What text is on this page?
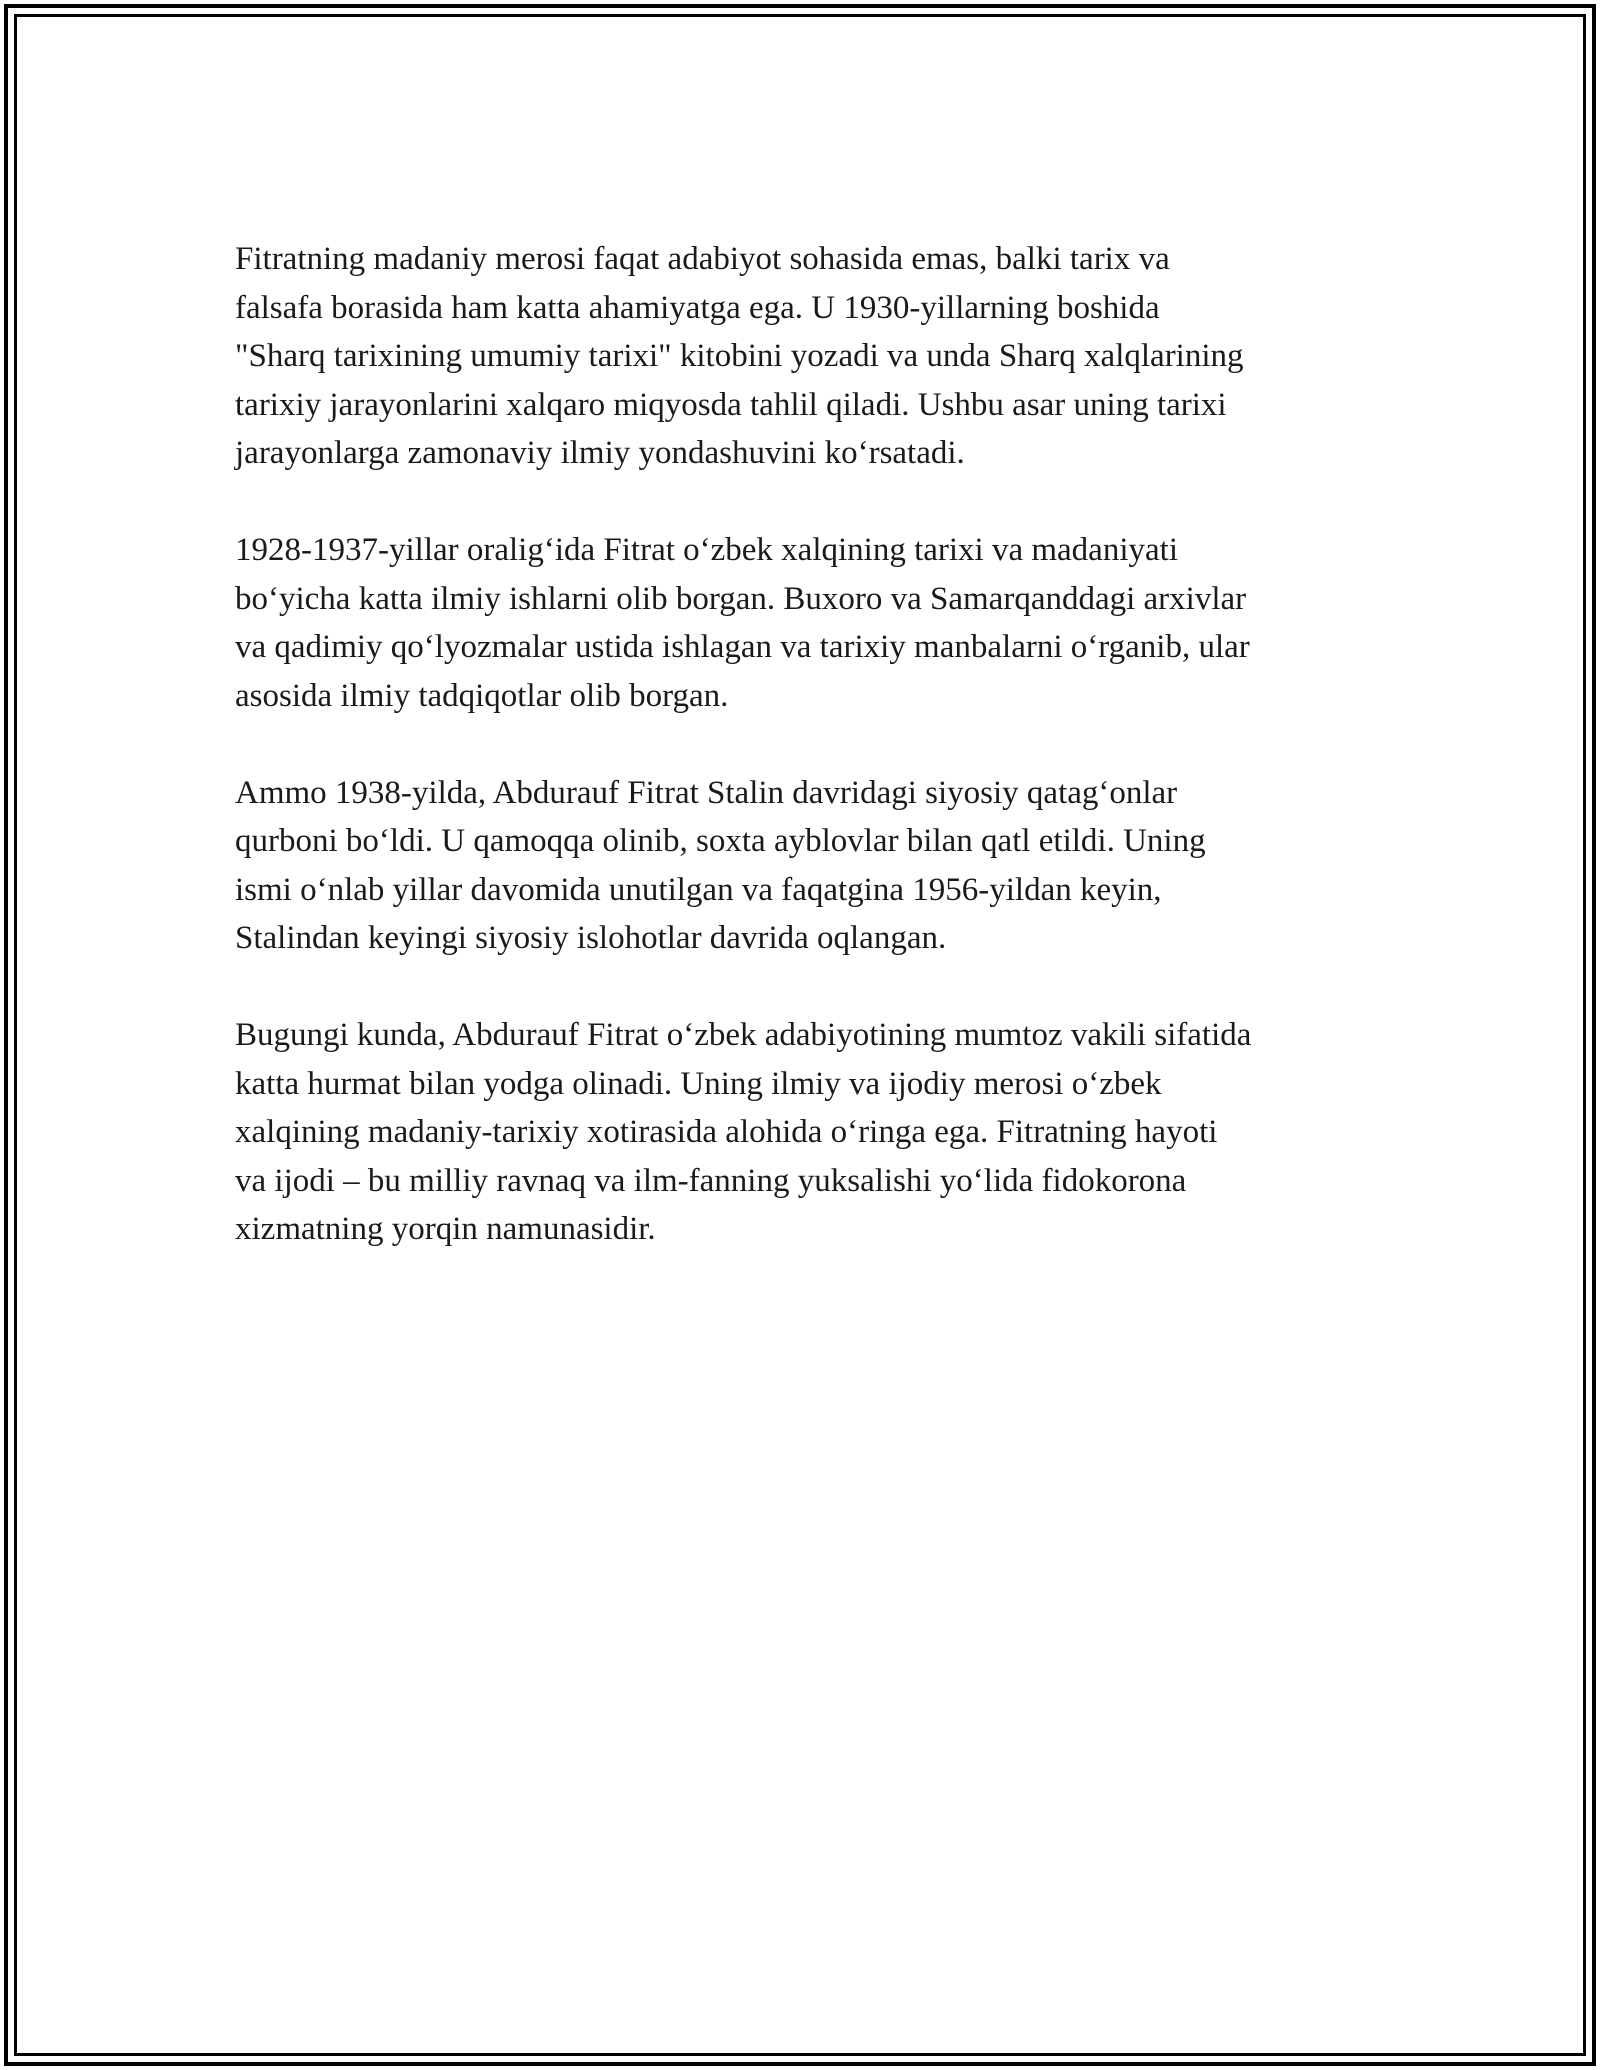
Fitratning madaniy merosi faqat adabiyot sohasida emas, balki tarix va
falsafa borasida ham katta ahamiyatga ega. U 1930-yillarning boshida
"Sharq tarixining umumiy tarixi" kitobini yozadi va unda Sharq xalqlarining
tarixiy jarayonlarini xalqaro miqyosda tahlil qiladi. Ushbu asar uning tarixi
jarayonlarga zamonaviy ilmiy yondashuvini ko‘rsatadi.

1928-1937-yillar oralig‘ida Fitrat o‘zbek xalqining tarixi va madaniyati
bo‘yicha katta ilmiy ishlarni olib borgan. Buxoro va Samarqanddagi arxivlar
va qadimiy qo‘lyozmalar ustida ishlagan va tarixiy manbalarni o‘rganib, ular
asosida ilmiy tadqiqotlar olib borgan.

Ammo 1938-yilda, Abdurauf Fitrat Stalin davridagi siyosiy qatag‘onlar
qurboni bo‘ldi. U qamoqqa olinib, soxta ayblovlar bilan qatl etildi. Uning
ismi o‘nlab yillar davomida unutilgan va faqatgina 1956-yildan keyin,
Stalindan keyingi siyosiy islohotlar davrida oqlangan.

Bugungi kunda, Abdurauf Fitrat o‘zbek adabiyotining mumtoz vakili sifatida
katta hurmat bilan yodga olinadi. Uning ilmiy va ijodiy merosi o‘zbek
xalqining madaniy-tarixiy xotirasida alohida o‘ringa ega. Fitratning hayoti
va ijodi – bu milliy ravnaq va ilm-fanning yuksalishi yo‘lida fidokorona
xizmatning yorqin namunasidir.
